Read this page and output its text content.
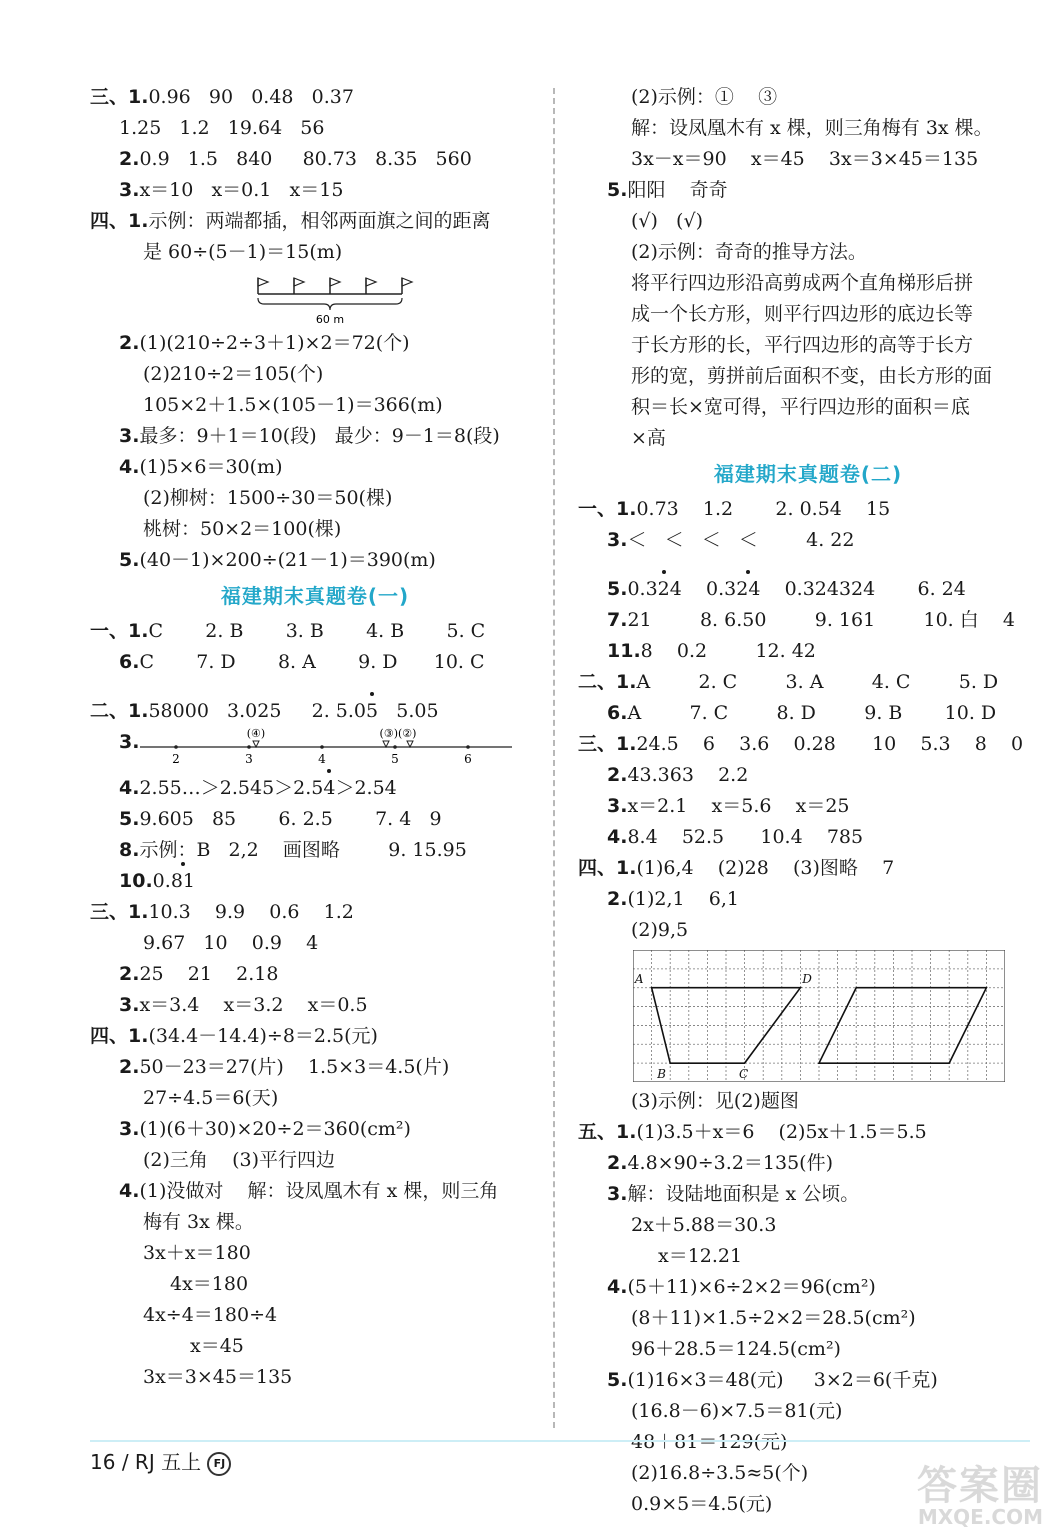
三、1.0.96   90   0.48   0.37
1.25   1.2   19.64   56
2.0.9   1.5   840     80.73   8.35   560
3.x＝10   x＝0.1   x＝15
四、1.示例：两端都插，相邻两面旗之间的距离
是 60÷(5－1)＝15(m)
60 m
2.(1)(210÷2÷3＋1)×2＝72(个)
(2)210÷2＝105(个)
105×2＋1.5×(105－1)＝366(m)
3.最多：9＋1＝10(段)   最少：9－1＝8(段)
4.(1)5×6＝30(m)
(2)柳树：1500÷30＝50(棵)
桃树：50×2＝100(棵)
5.(40－1)×200÷(21－1)＝390(m)
福建期末真题卷(一)
一、1.C       2. B       3. B       4. B       5. C
6.C       7. D       8. A       9. D      10. C
二、1.58000   3.025     2. 5.05   5.05
3.
2	3	4	5	6
(④)	(③)(②)
4.2.55…＞2.545＞2.54＞2.54
5.9.605   85       6. 2.5       7. 4   9
8.示例：B   2,2    画图略        9. 15.95
10.0.81
三、1.10.3    9.9    0.6    1.2
9.67   10    0.9    4
2.25    21    2.18
3.x＝3.4    x＝3.2    x＝0.5
四、1.(34.4－14.4)÷8＝2.5(元)
2.50－23＝27(片)    1.5×3＝4.5(片)
27÷4.5＝6(天)
3.(1)(6＋30)×20÷2＝360(cm²)
(2)三角    (3)平行四边
4.(1)没做对    解：设凤凰木有 x 棵，则三角
梅有 3x 棵。
3x＋x＝180
4x＝180
4x÷4＝180÷4
x＝45
3x＝3×45＝135
(2)示例：①    ③
解：设凤凰木有 x 棵，则三角梅有 3x 棵。
3x－x＝90    x＝45    3x＝3×45＝135
5.阳阳    奇奇
(√)   (√)
(2)示例：奇奇的推导方法。
将平行四边形沿高剪成两个直角梯形后拼
成一个长方形，则平行四边形的底边长等
于长方形的长，平行四边形的高等于长方
形的宽，剪拼前后面积不变，由长方形的面
积＝长×宽可得，平行四边形的面积＝底
×高
福建期末真题卷(二)
一、1.0.73    1.2       2. 0.54    15
3.＜   ＜   ＜   ＜        4. 22
5.0.324    0.324    0.324324       6. 24
7.21        8. 6.50        9. 161        10. 白    4
11.8    0.2        12. 42
二、1.A        2. C        3. A        4. C        5. D
6.A        7. C        8. D        9. B       10. D
三、1.24.5    6    3.6    0.28      10    5.3    8    0
2.43.363    2.2
3.x＝2.1    x＝5.6    x＝25
4.8.4    52.5      10.4    785
四、1.(1)6,4    (2)28    (3)图略    7
2.(1)2,1    6,1
(2)9,5
A	D
B	C
(3)示例：见(2)题图
五、1.(1)3.5＋x＝6    (2)5x＋1.5＝5.5
2.4.8×90÷3.2＝135(件)
3.解：设陆地面积是 x 公顷。
2x＋5.88＝30.3
x＝12.21
4.(5＋11)×6÷2×2＝96(cm²)
(8＋11)×1.5÷2×2＝28.5(cm²)
96＋28.5＝124.5(cm²)
5.(1)16×3＝48(元)     3×2＝6(千克)
(16.8－6)×7.5＝81(元)
48＋81＝129(元)
(2)16.8÷3.5≈5(个)
0.9×5＝4.5(元)
16 / RJ 五上 FJ	答案圈
MXQE.COM
